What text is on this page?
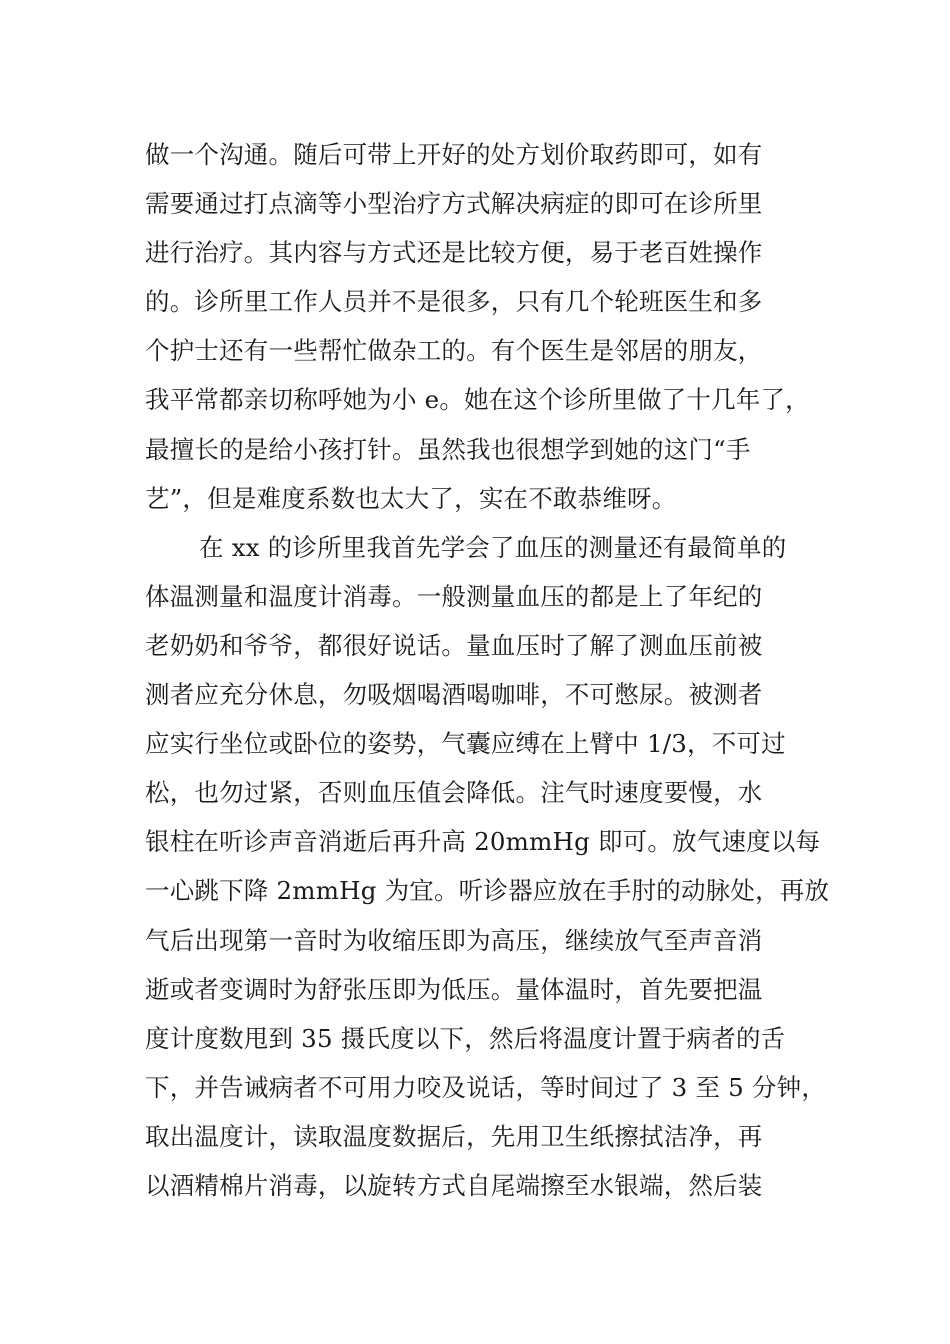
做一个沟通。随后可带上开好的处方划价取药即可，如有
需要通过打点滴等小型治疗方式解决病症的即可在诊所里
进行治疗。其内容与方式还是比较方便，易于老百姓操作
的。诊所里工作人员并不是很多，只有几个轮班医生和多
个护士还有一些帮忙做杂工的。有个医生是邻居的朋友，
我平常都亲切称呼她为小 e。她在这个诊所里做了十几年了，
最擅长的是给小孩打针。虽然我也很想学到她的这门“手
艺”，但是难度系数也太大了，实在不敢恭维呀。
在 xx 的诊所里我首先学会了血压的测量还有最简单的
体温测量和温度计消毒。一般测量血压的都是上了年纪的
老奶奶和爷爷，都很好说话。量血压时了解了测血压前被
测者应充分休息，勿吸烟喝酒喝咖啡，不可憋尿。被测者
应实行坐位或卧位的姿势，气囊应缚在上臂中 1/3，不可过
松，也勿过紧，否则血压值会降低。注气时速度要慢，水
银柱在听诊声音消逝后再升高 20mmHg 即可。放气速度以每
一心跳下降 2mmHg 为宜。听诊器应放在手肘的动脉处，再放
气后出现第一音时为收缩压即为高压，继续放气至声音消
逝或者变调时为舒张压即为低压。量体温时，首先要把温
度计度数甩到 35 摄氏度以下，然后将温度计置于病者的舌
下，并告诫病者不可用力咬及说话，等时间过了 3 至 5 分钟，
取出温度计，读取温度数据后，先用卫生纸擦拭洁净，再
以酒精棉片消毒，以旋转方式自尾端擦至水银端，然后装
